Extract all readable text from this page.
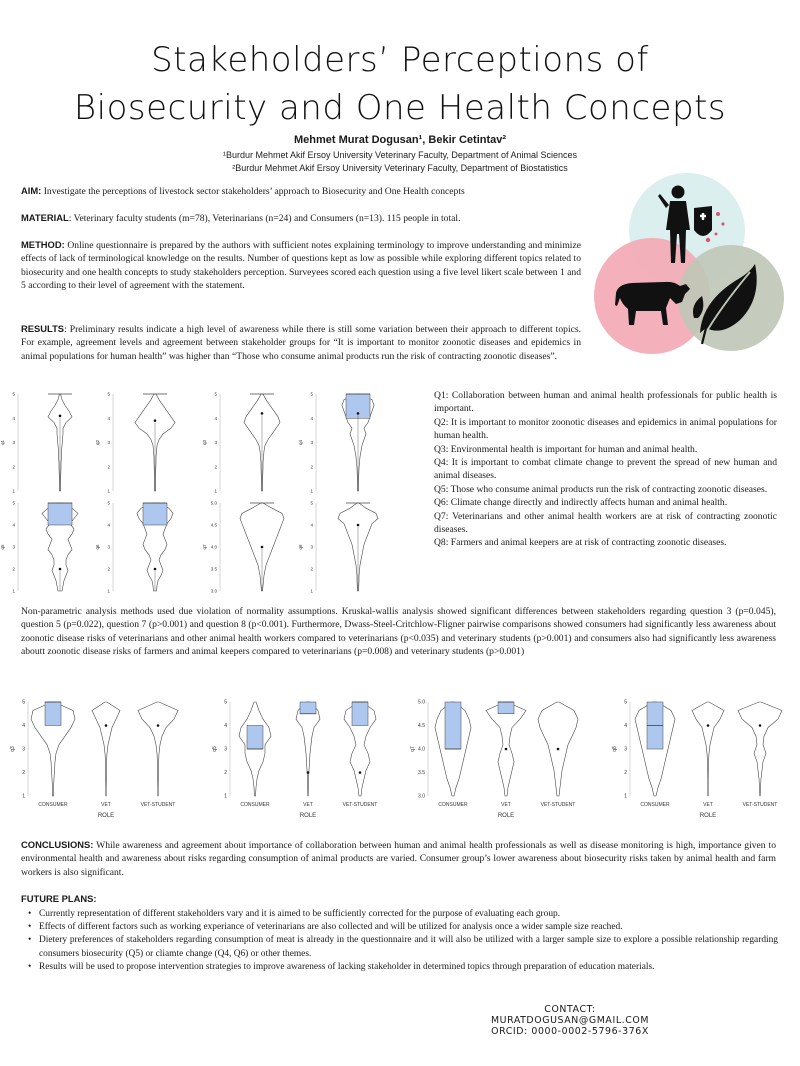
Stakeholders’ Perceptions of
Biosecurity and One Health Concepts
Mehmet Murat Dogusan¹, Bekir Cetintav²
¹Burdur Mehmet Akif Ersoy University Veterinary Faculty, Department of Animal Sciences
²Burdur Mehmet Akif Ersoy University Veterinary Faculty, Department of Biostatistics
AIM: Investigate the perceptions of livestock sector stakeholders’ approach to Biosecurity and One Health concepts
MATERIAL: Veterinary faculty students (m=78), Veterinarians (n=24) and Consumers (n=13). 115 people in total.
METHOD: Online questionnaire is prepared by the authors with sufficient notes explaining terminology to improve understanding and minimize effects of lack of terminological knowledge on the results. Number of questions kept as low as possible while exploring different topics related to biosecurity and one health concepts to study stakeholders perception. Surveyees scored each question using a five level likert scale between 1 and 5 according to their level of agreement with the statement.
RESULTS: Preliminary results indicate a high level of awareness while there is still some variation between their approach to different topics. For example, agreement levels and agreement between stakeholder groups for “It is important to monitor zoonotic diseases and epidemics in animal populations for human health” was higher than “Those who consume animal products run the risk of contracting zoonotic diseases”.
1
2
3
4
5
q1
1
2
3
4
5
q2
1
2
3
4
5
q3
1
2
3
4
5
q4
1
2
3
4
5
q5
1
2
3
4
5
q6
3.0
3.5
4.0
4.5
5.0
q7
1
2
3
4
5
q8
Q1: Collaboration between human and animal health professionals for public health is important.
Q2: It is important to monitor zoonotic diseases and epidemics in animal populations for human health.
Q3: Environmental health is important for human and animal health.
Q4: It is important to combat climate change to prevent the spread of new human and animal diseases.
Q5: Those who consume animal products run the risk of contracting zoonotic diseases.
Q6: Climate change directly and indirectly affects human and animal health.
Q7: Veterinarians and other animal health workers are at risk of contracting zoonotic diseases.
Q8: Farmers and animal keepers are at risk of contracting zoonotic diseases.
Non-parametric analysis methods used due violation of normality assumptions. Kruskal-wallis analysis showed significant differences between stakeholders regarding question 3 (p=0.045), question 5 (p=0.022), question 7 (p>0.001) and question 8 (p<0.001). Furthermore, Dwass-Steel-Critchlow-Fligner pairwise comparisons showed consumers had significantly less awareness about zoonotic disease risks of veterinarians and other animal health workers compared to veterinarians (p<0.035) and veterinary students (p>0.001) and consumers also had significantly less awareness aboutt zoonotic disease risks of farmers and animal keepers compared to veterinarians (p=0.008) and veterinary students (p>0.001)
1
2
3
4
5
q3
CONSUMER	VET	VET-STUDENT
ROLE
1
2
3
4
5
q5
CONSUMER	VET	VET-STUDENT
ROLE
3.0
3.5
4.0
4.5
5.0
q7
CONSUMER	VET	VET-STUDENT
ROLE
1
2
3
4
5
q8
CONSUMER	VET	VET-STUDENT
ROLE
CONCLUSIONS: While awareness and agreement about importance of collaboration between human and animal health professionals as well as disease monitoring is high, importance given to environmental health and awareness about risks regarding consumption of animal products are varied. Consumer group’s lower awareness about biosecurity risks taken by animal health and farm workers is also significant.
FUTURE PLANS:
• Currently representation of different stakeholders vary and it is aimed to be sufficiently corrected for the purpose of evaluating each group.
• Effects of different factors such as working experiance of veterinarians are also collected and will be utilized for analysis once a wider sample size reached.
• Dietery preferences of stakeholders regarding consumption of meat is already in the questionnaire and it will also be utilized with a larger sample size to explore a possible relationship regarding consumers biosecurity (Q5) or cliamte change (Q4, Q6) or other themes.
• Results will be used to propose intervention strategies to improve awareness of lacking stakeholder in determined topics through preparation of education materials.
CONTACT: MURATDOGUSAN@GMAIL.COM
ORCID: 0000-0002-5796-376X
